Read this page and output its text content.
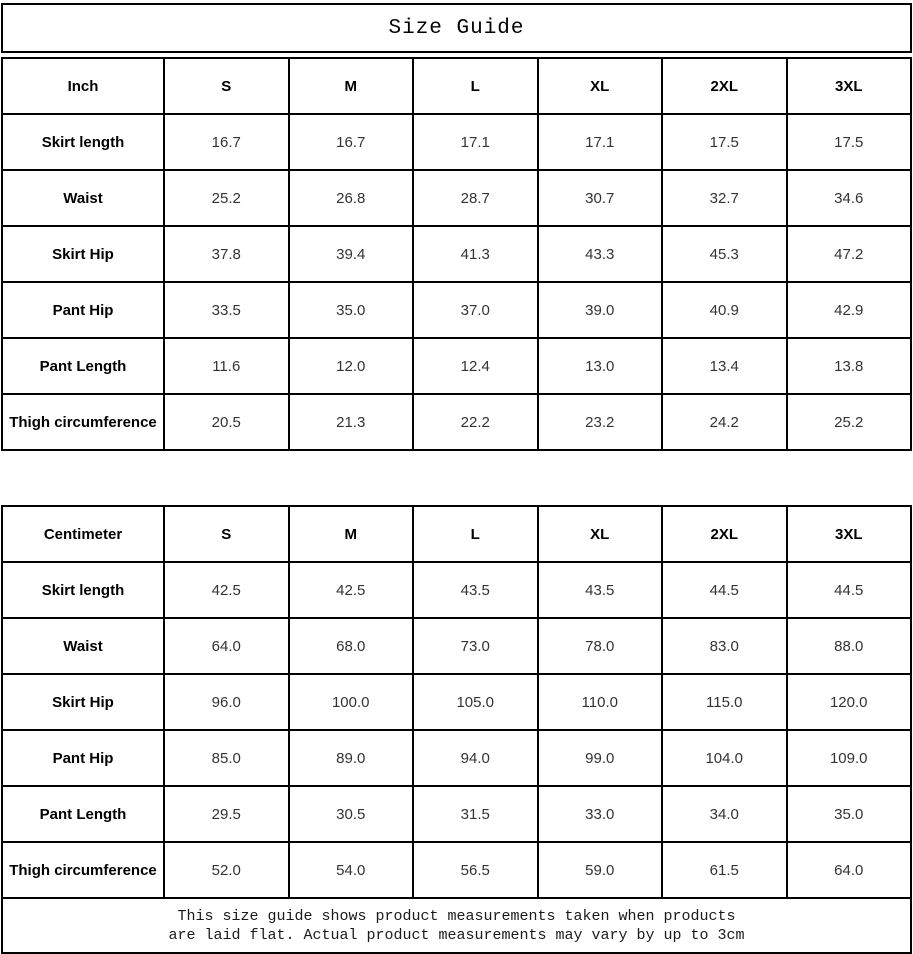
Size Guide
Inch	S	M	L	XL	2XL	3XL
Skirt length	16.7	16.7	17.1	17.1	17.5	17.5
Waist	25.2	26.8	28.7	30.7	32.7	34.6
Skirt Hip	37.8	39.4	41.3	43.3	45.3	47.2
Pant Hip	33.5	35.0	37.0	39.0	40.9	42.9
Pant Length	11.6	12.0	12.4	13.0	13.4	13.8
Thigh circumference	20.5	21.3	22.2	23.2	24.2	25.2
Centimeter	S	M	L	XL	2XL	3XL
Skirt length	42.5	42.5	43.5	43.5	44.5	44.5
Waist	64.0	68.0	73.0	78.0	83.0	88.0
Skirt Hip	96.0	100.0	105.0	110.0	115.0	120.0
Pant Hip	85.0	89.0	94.0	99.0	104.0	109.0
Pant Length	29.5	30.5	31.5	33.0	34.0	35.0
Thigh circumference	52.0	54.0	56.5	59.0	61.5	64.0

This size guide shows product measurements taken when products
are laid flat. Actual product measurements may vary by up to 3cm						
